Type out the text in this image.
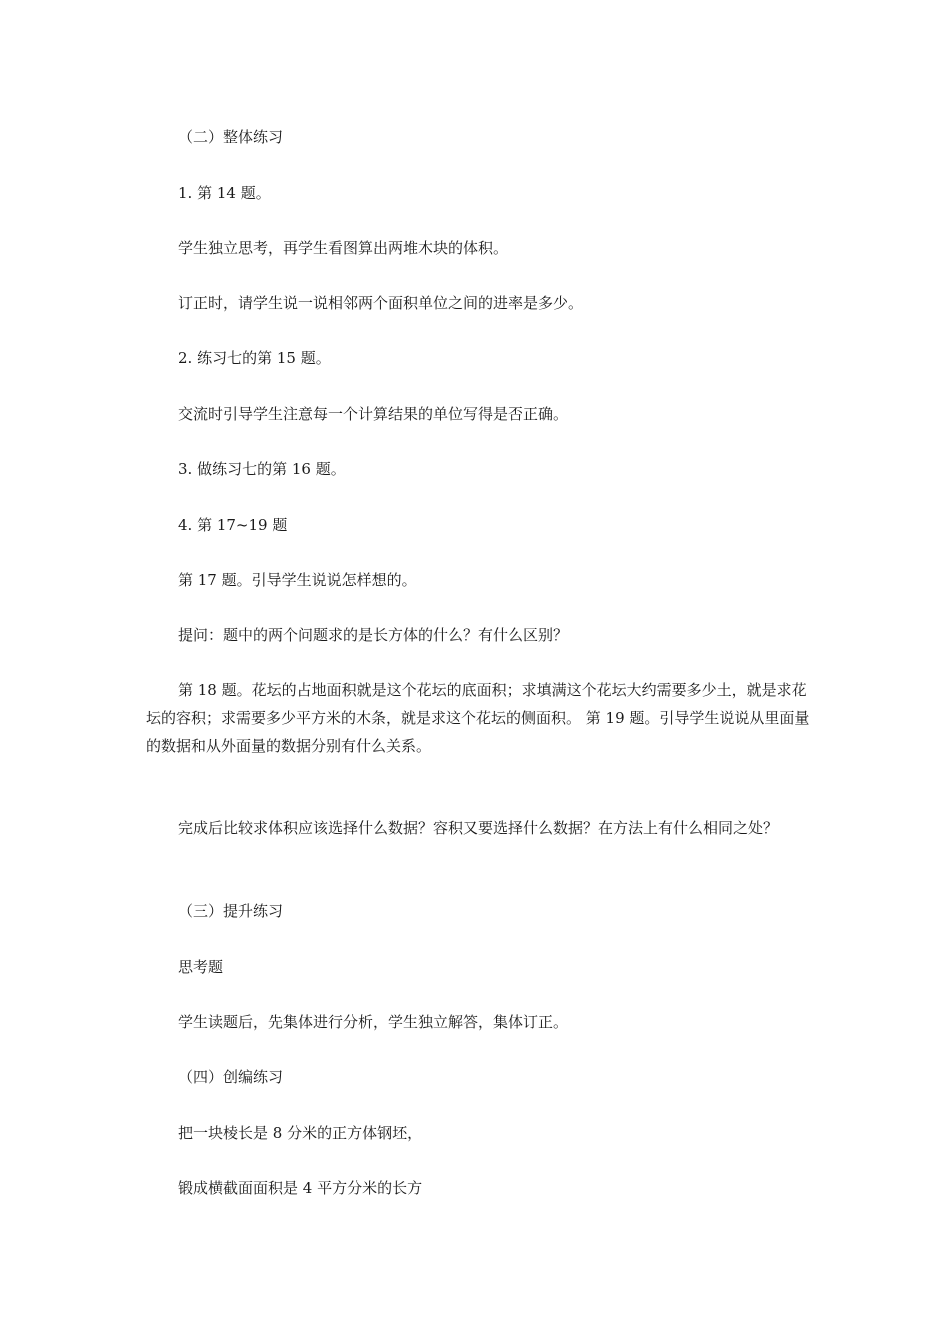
（二）整体练习

1. 第 14 题。

学生独立思考，再学生看图算出两堆木块的体积。

订正时，请学生说一说相邻两个面积单位之间的进率是多少。

2. 练习七的第 15 题。

交流时引导学生注意每一个计算结果的单位写得是否正确。

3. 做练习七的第 16 题。

4. 第 17~19 题

第 17 题。引导学生说说怎样想的。

提问：题中的两个问题求的是长方体的什么？有什么区别？

第 18 题。花坛的占地面积就是这个花坛的底面积；求填满这个花坛大约需要多少土，就是求花坛的容积；求需要多少平方米的木条，就是求这个花坛的侧面积。 第 19 题。引导学生说说从里面量的数据和从外面量的数据分别有什么关系。

完成后比较求体积应该选择什么数据？容积又要选择什么数据？在方法上有什么相同之处？

（三）提升练习

思考题

学生读题后，先集体进行分析，学生独立解答，集体订正。

（四）创编练习

把一块棱长是 8 分米的正方体钢坯，

锻成横截面面积是 4 平方分米的长方
